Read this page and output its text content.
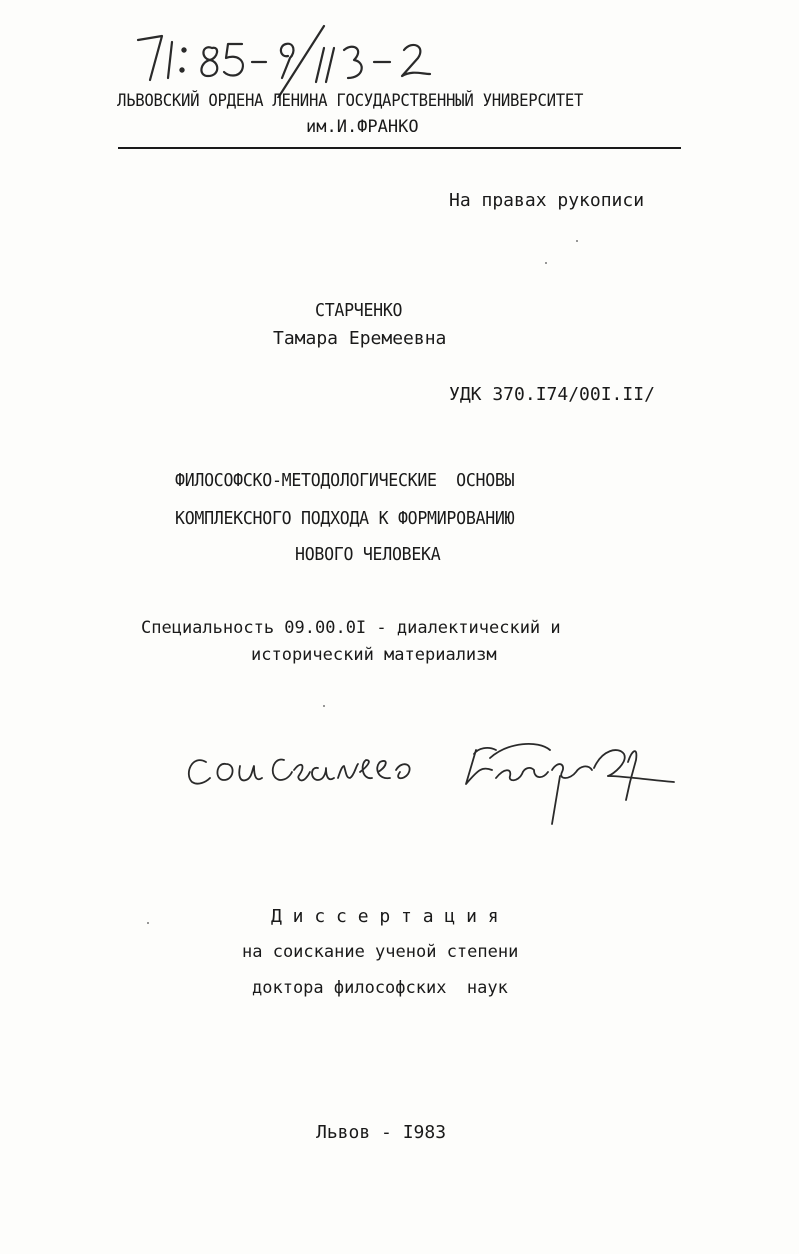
ЛЬВОВСКИЙ ОРДЕНА ЛЕНИНА ГОСУДАРСТВЕННЫЙ УНИВЕРСИТЕТ
им.И.ФРАНКО
На правах рукописи
СТАРЧЕНКО
Тамара Еремеевна
УДК 370.I74/00I.II/
ФИЛОСОФСКО-МЕТОДОЛОГИЧЕСКИЕ  ОСНОВЫ
КОМПЛЕКСНОГО ПОДХОДА К ФОРМИРОВАНИЮ
НОВОГО ЧЕЛОВЕКА
Специальность 09.00.0I - диалектический и
исторический материализм
Д и с с е р т а ц и я
на соискание ученой степени
доктора философских  наук
Львов - I983
